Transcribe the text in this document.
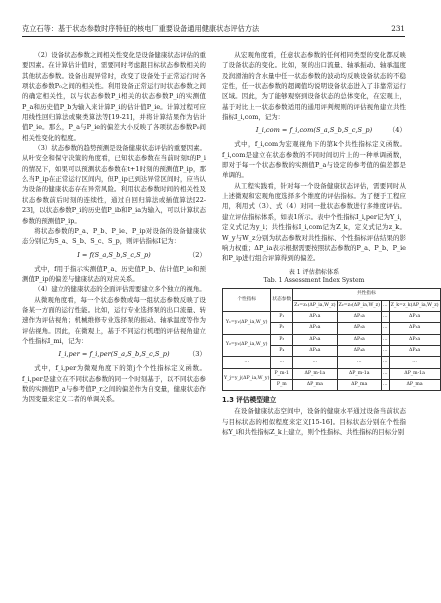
克立石等：基于状态参数时序特征的核电厂重要设备通用健康状态评估方法	231

（2）设备状态参数之间相关性变化是设备健康状态评估的重要因素。在计算估计值时，需要同时考虑跟目标状态参数相关的其他状态参数。设备出现异常时，改变了设备处于正常运行时各项状态参数P₀之间的相关性。利用设备正常运行时状态参数之间的确定相关性，以与状态参数P_i相关的状态参数P_i的实测值P_a和历史值P_b为输入来计算P_i的估计值P_ie。计算过程可应用线性回归算法或聚类算法等[19-21]，并将计算结果作为估计值P_ie。那么，P_a与P_ie的偏差大小反映了各项状态参数P₀间相关性变化的程度。

（3）状态参数的趋势预测是设备健康状态评估的重要因素。从叶安全和保守决策的角度看，已知状态参数在当前时刻t的P_i的情况下，如果可以预测状态参数在t+1时刻的预测值P_ip，那么当P_ip在正常运行区间内，但P_ip已到达异常区间时，应当认为设备的健康状态存在异常风险。利用状态参数时间的相关性及状态参数前后时刻的连续性，通过自回归算法或插值算法[22-23]，以状态参数P_i的历史值P_ib和P_ia为输入，可以计算状态参数的预测值P_ip。

将状态参数的P_a、P_b、P_ie、P_ip对设备的设备健康状态分别记为S_a、S_b、S_c、S_p，则评估指标I记为：

I = f(S_a,S_b,S_c,S_p)	（2）

式中，f用于指示实测值P_a、历史值P_b、估计值P_ie和预测值P_ip的偏差与健康状态的对应关系。

（4）建立的健康状态的全面评估需要建立多个独立的视角。

从微观角度看，每一个状态参数或每一组状态参数反映了设备某一方面的运行性能。比如，运行专业选择泵的出口流量、转速作为评估视角；机械维修专业选择泵的振动、轴承温度等作为评估视角。因此，在微观上，基于不同运行机理的评估视角建立个性指标I_mi，记为：

I_i,per = f_i,per(S_a,S_b,S_c,S_p)	（3）

式中，f_i,per为微观角度下的第j个个性指标定义函数。f_i,per是建立在不同状态参数的同一个时刻基于，以不同状态参数的实测值P_a与参考值P_r之间的偏差作为自变量，健康状态作为因变量来定义二者的单调关系。

从宏观角度看，任意状态参数的任何相同类型的变化都反映了设备状态的变化。比如，泵的出口流量、轴承振动、轴承温度及润滑油的含水量中任一状态参数的波动均反映设备状态的不稳定性，任一状态参数的超阈值均说明设备状态进入了非靠常运行区域。因此，为了能够观察到设备状态的总体变化，在宏观上，基于对比上一状态参数适用的通用评判规则的评估视角建立共性指标I_i,com，记为：

I_i,com = f_i,com(S_a,S_b,S_c,S_p) （4）

式中，f_i,com为宏观视角下的第k个共性指标定义函数。f_i,com是建立在状态参数的不同时间切片上的一种单调函数，即对于每一个状态参数的实测值P_a与设定的参考值的偏差都是单调的。

从工程实践看，针对每一个设备健康状态评估，需要同时从上述微观和宏观角度选择多个维度的评估指标。为了便于工程应用，利用式（3）、式（4）对同一批状态参数进行多维度评估。建立评估指标体系，如表1所示。表中个性指标I_i,per记为Y_i，定义式记为y_i；共性指标I_i,com记为Z_k，定义式记为z_k。W_y与W_z分别为状态参数对共性指标、个性指标评估结果的影响力权重；ΔP_ia表示根据需要按照状态参数的P_a、P_b、P_ie和P_ip进行组合评算得到的偏差。

表 1 评估指标体系
Tab. 1 Assessment Index System
个性指标	状态参数	共性指标			
		Z₁=z₁(ΔP_ia,W_z)	Z₂=z₂(ΔP_ia,W_z)	…	Z_k=z_k(ΔP_ia,W_z)
Y₁=y₁(ΔP_ia,W_y)	P₁	ΔP₁a	ΔP₁a	…	ΔP₁a
	P₂	ΔP₂a	ΔP₂a	…	ΔP₂a
Y₂=y₂(ΔP_ia,W_y)	P₃	ΔP₃a	ΔP₃a	…	ΔP₃a
	P₄	ΔP₄a	ΔP₄a	…	ΔP₄a
…	…	…	…	…	…
Y_j=y_j(ΔP_ia,W_y)	P_m-1	ΔP_m-1a	ΔP_m-1a	…	ΔP_m-1a
	P_m	ΔP_ma	ΔP_ma	…	ΔP_ma
1.3 评估模型建立

在设备健康状态空间中，设备的健康水平通过设备当前状态与目标状态的相似程度来定义[15-16]。目标状态分别在个性指标Y_i和共性指标Z_k上建立，则个性指标、共性指标的目标分别
